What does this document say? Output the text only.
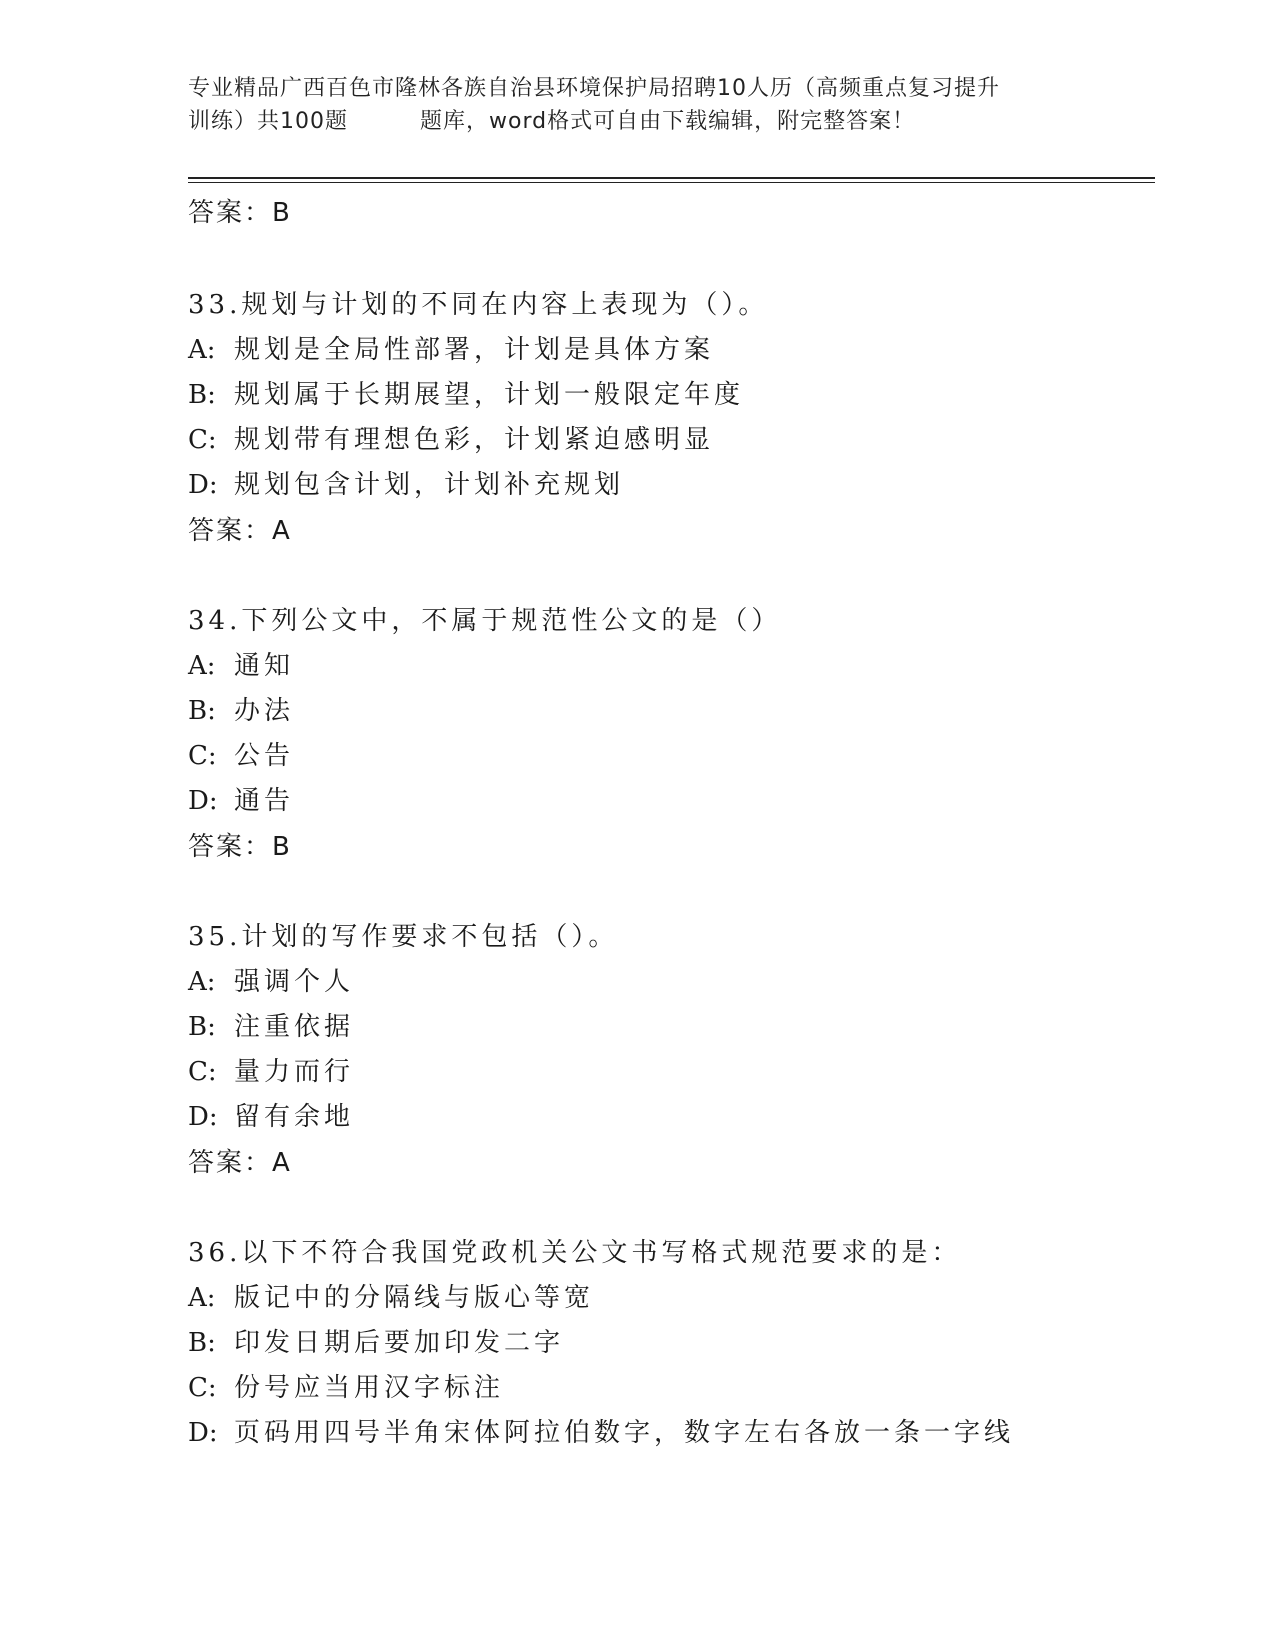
专业精品广西百色市隆林各族自治县环境保护局招聘10人历（高频重点复习提升
训练）共100题	题库，word格式可自由下载编辑，附完整答案！
答案：B
33.规划与计划的不同在内容上表现为（）。
A: 规划是全局性部署，计划是具体方案
B: 规划属于长期展望，计划一般限定年度
C: 规划带有理想色彩，计划紧迫感明显
D: 规划包含计划，计划补充规划
答案：A
34.下列公文中，不属于规范性公文的是（）
A: 通知
B: 办法
C: 公告
D: 通告
答案：B
35.计划的写作要求不包括（）。
A: 强调个人
B: 注重依据
C: 量力而行
D: 留有余地
答案：A
36.以下不符合我国党政机关公文书写格式规范要求的是：
A: 版记中的分隔线与版心等宽
B: 印发日期后要加印发二字
C: 份号应当用汉字标注
D: 页码用四号半角宋体阿拉伯数字，数字左右各放一条一字线
